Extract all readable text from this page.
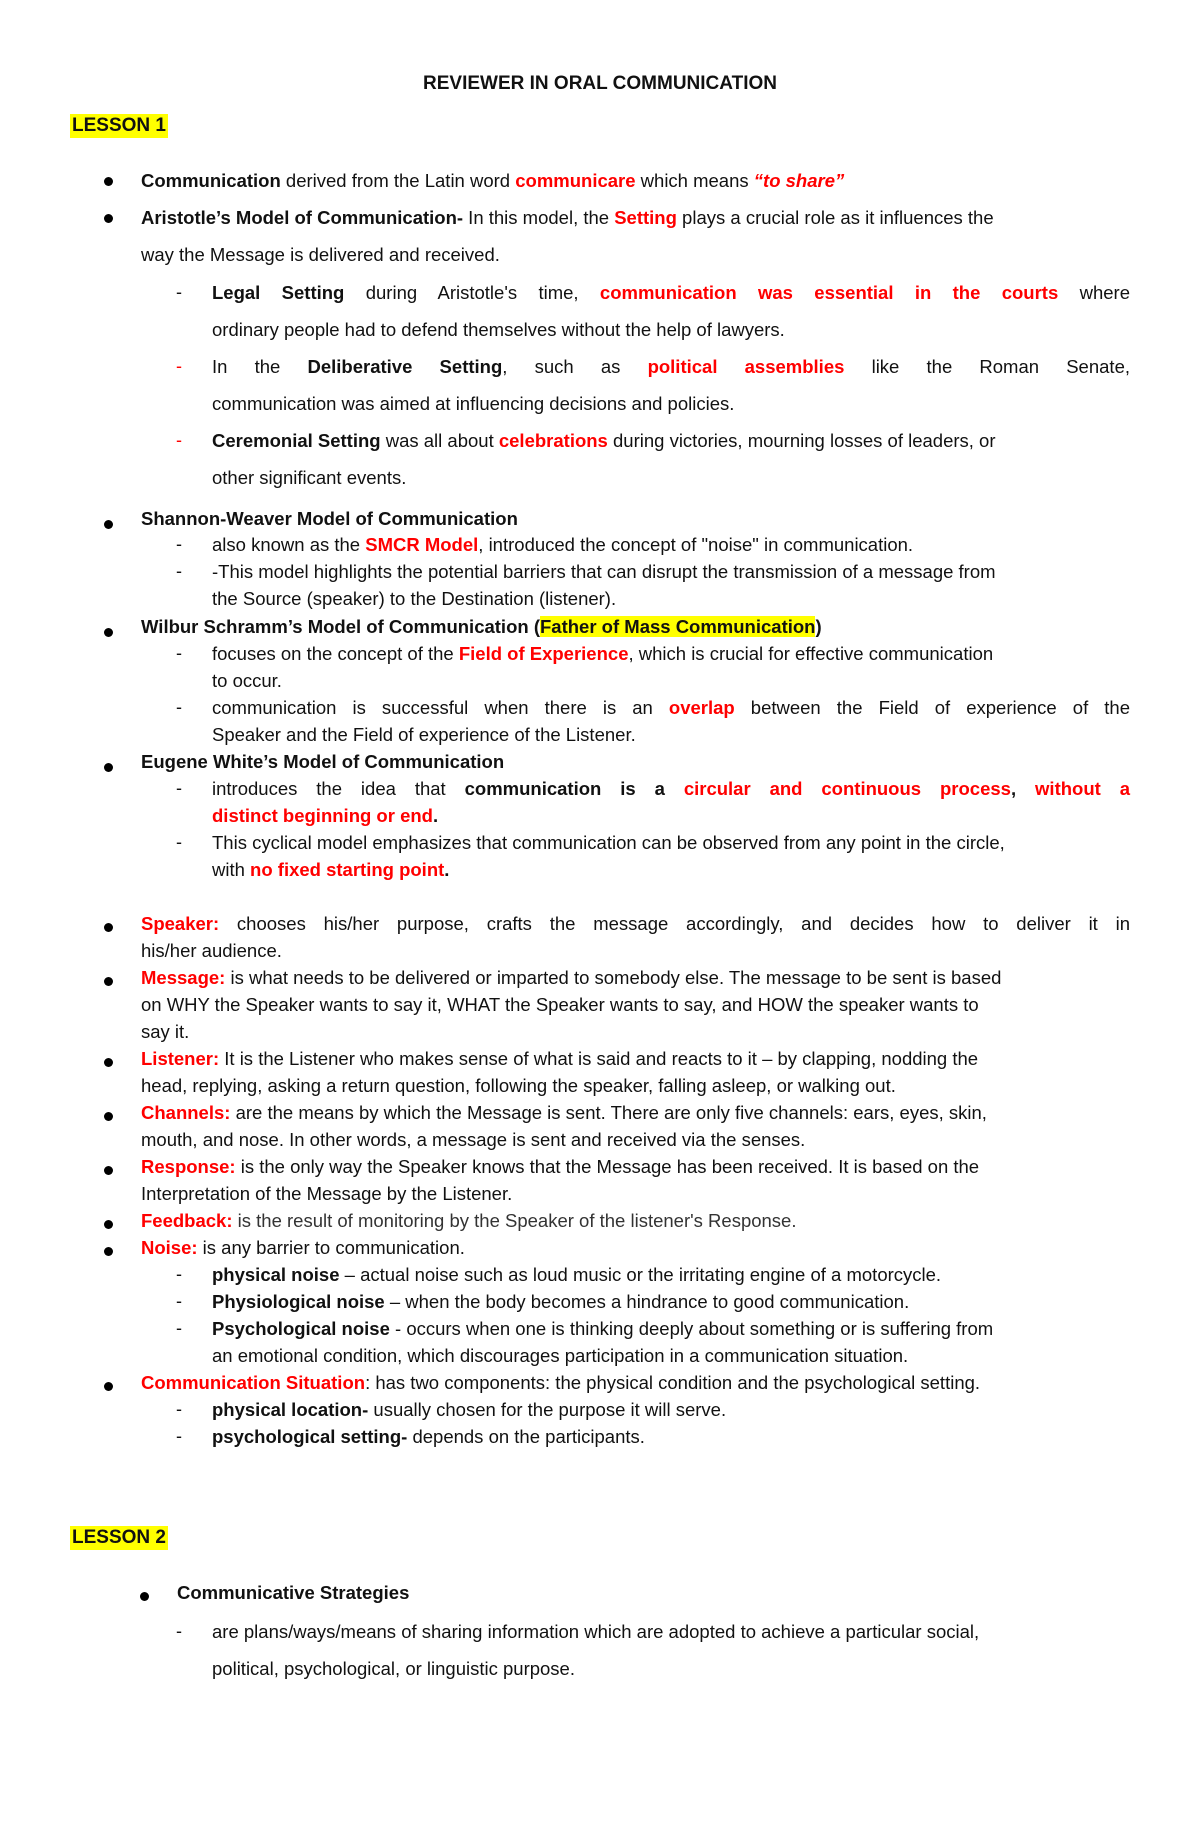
REVIEWER IN ORAL COMMUNICATION
LESSON 1
Communication derived from the Latin word communicare which means “to share”
Aristotle’s Model of Communication- In this model, the Setting plays a crucial role as it influences the
way the Message is delivered and received.
- Legal Setting during Aristotle's time, communication was essential in the courts where
ordinary people had to defend themselves without the help of lawyers.
- In the Deliberative Setting, such as political assemblies like the Roman Senate,
communication was aimed at influencing decisions and policies.
- Ceremonial Setting was all about celebrations during victories, mourning losses of leaders, or
other significant events.
Shannon-Weaver Model of Communication
- also known as the SMCR Model, introduced the concept of "noise" in communication.
- -This model highlights the potential barriers that can disrupt the transmission of a message from
the Source (speaker) to the Destination (listener).
Wilbur Schramm’s Model of Communication (Father of Mass Communication)
- focuses on the concept of the Field of Experience, which is crucial for effective communication
to occur.
- communication is successful when there is an overlap between the Field of experience of the
Speaker and the Field of experience of the Listener.
Eugene White’s Model of Communication
- introduces the idea that communication is a circular and continuous process, without a
distinct beginning or end.
- This cyclical model emphasizes that communication can be observed from any point in the circle,
with no fixed starting point.
Speaker: chooses his/her purpose, crafts the message accordingly, and decides how to deliver it in
his/her audience.
Message: is what needs to be delivered or imparted to somebody else. The message to be sent is based
on WHY the Speaker wants to say it, WHAT the Speaker wants to say, and HOW the speaker wants to
say it.
Listener: It is the Listener who makes sense of what is said and reacts to it – by clapping, nodding the
head, replying, asking a return question, following the speaker, falling asleep, or walking out.
Channels: are the means by which the Message is sent. There are only five channels: ears, eyes, skin,
mouth, and nose. In other words, a message is sent and received via the senses.
Response: is the only way the Speaker knows that the Message has been received. It is based on the
Interpretation of the Message by the Listener.
Feedback: is the result of monitoring by the Speaker of the listener's Response.
Noise: is any barrier to communication.
- physical noise – actual noise such as loud music or the irritating engine of a motorcycle.
- Physiological noise – when the body becomes a hindrance to good communication.
- Psychological noise - occurs when one is thinking deeply about something or is suffering from
an emotional condition, which discourages participation in a communication situation.
Communication Situation: has two components: the physical condition and the psychological setting.
- physical location- usually chosen for the purpose it will serve.
- psychological setting- depends on the participants.
LESSON 2
Communicative Strategies
- are plans/ways/means of sharing information which are adopted to achieve a particular social,
political, psychological, or linguistic purpose.
